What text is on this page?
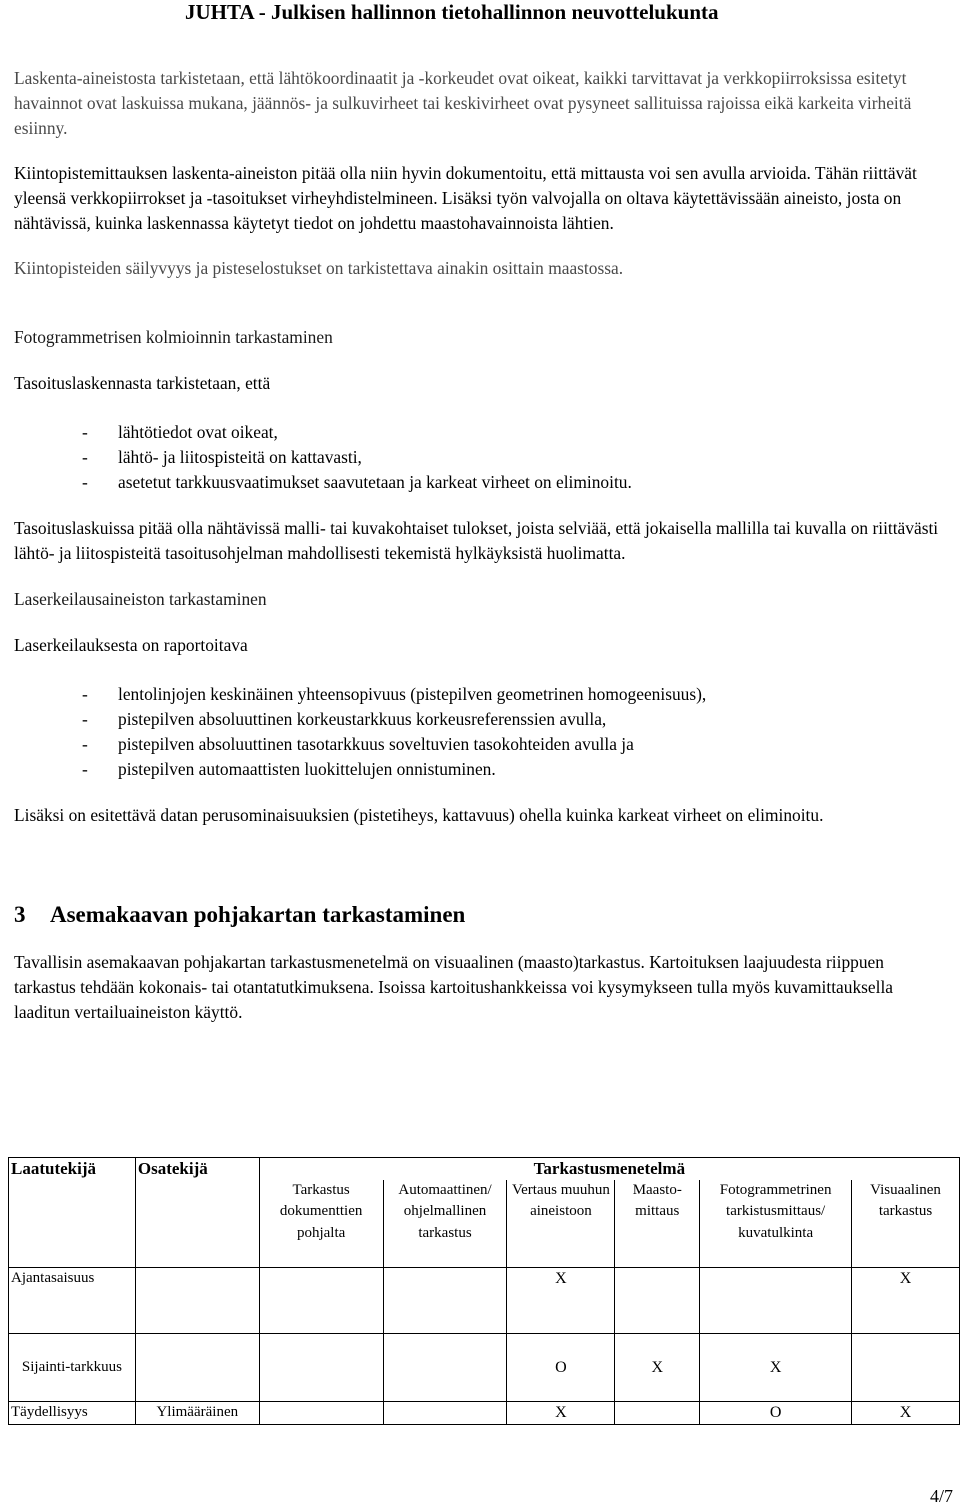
JUHTA - Julkisen hallinnon tietohallinnon neuvottelukunta

Laskenta-aineistosta tarkistetaan, että lähtökoordinaatit ja -korkeudet ovat oikeat, kaikki tarvittavat ja verkkopiirroksissa esitetyt havainnot ovat laskuissa mukana, jäännös- ja sulkuvirheet tai keskivirheet ovat pysyneet sallituissa rajoissa eikä karkeita virheitä esiinny.

Kiintopistemittauksen laskenta-aineiston pitää olla niin hyvin dokumentoitu, että mittausta voi sen avulla arvioida. Tähän riittävät yleensä verkkopiirrokset ja -tasoitukset virheyhdistelmineen. Lisäksi työn valvojalla on oltava käytettävissään aineisto, josta on nähtävissä, kuinka laskennassa käytetyt tiedot on johdettu maastohavainnoista lähtien.

Kiintopisteiden säilyvyys ja pisteselostukset on tarkistettava ainakin osittain maastossa.

Fotogrammetrisen kolmioinnin tarkastaminen

Tasoituslaskennasta tarkistetaan, että

- lähtötiedot ovat oikeat,
- lähtö- ja liitospisteitä on kattavasti,
- asetetut tarkkuusvaatimukset saavutetaan ja karkeat virheet on eliminoitu.

Tasoituslaskuissa pitää olla nähtävissä malli- tai kuvakohtaiset tulokset, joista selviää, että jokaisella mallilla tai kuvalla on riittävästi lähtö- ja liitospisteitä tasoitusohjelman mahdollisesti tekemistä hylkäyksistä huolimatta.

Laserkeilausaineiston tarkastaminen

Laserkeilauksesta on raportoitava

- lentolinjojen keskinäinen yhteensopivuus (pistepilven geometrinen homogeenisuus),
- pistepilven absoluuttinen korkeustarkkuus korkeusreferenssien avulla,
- pistepilven absoluuttinen tasotarkkuus soveltuvien tasokohteiden avulla ja
- pistepilven automaattisten luokittelujen onnistuminen.

Lisäksi on esitettävä datan perusominaisuuksien (pistetiheys, kattavuus) ohella kuinka karkeat virheet on eliminoitu.

3 Asemakaavan pohjakartan tarkastaminen

Tavallisin asemakaavan pohjakartan tarkastusmenetelmä on visuaalinen (maasto)tarkastus. Kartoituksen laajuudesta riippuen tarkastus tehdään kokonais- tai otantatutkimuksena. Isoissa kartoitushankkeissa voi kysymykseen tulla myös kuvamittauksella laaditun vertailuaineiston käyttö.

Laatutekijä	Osatekijä	Tarkastusmenetelmä					
		Tarkastus dokumenttien pohjalta	Automaattinen/ ohjelmallinen tarkastus	Vertaus muuhun aineistoon	Maasto-mittaus	Fotogrammetrinen tarkistusmittaus/ kuvatulkinta	Visuaalinen tarkastus
Ajantasaisuus				X			X
Sijainti-tarkkuus				O	X	X	
Täydellisyys	Ylimääräinen			X		O	X
4/7
